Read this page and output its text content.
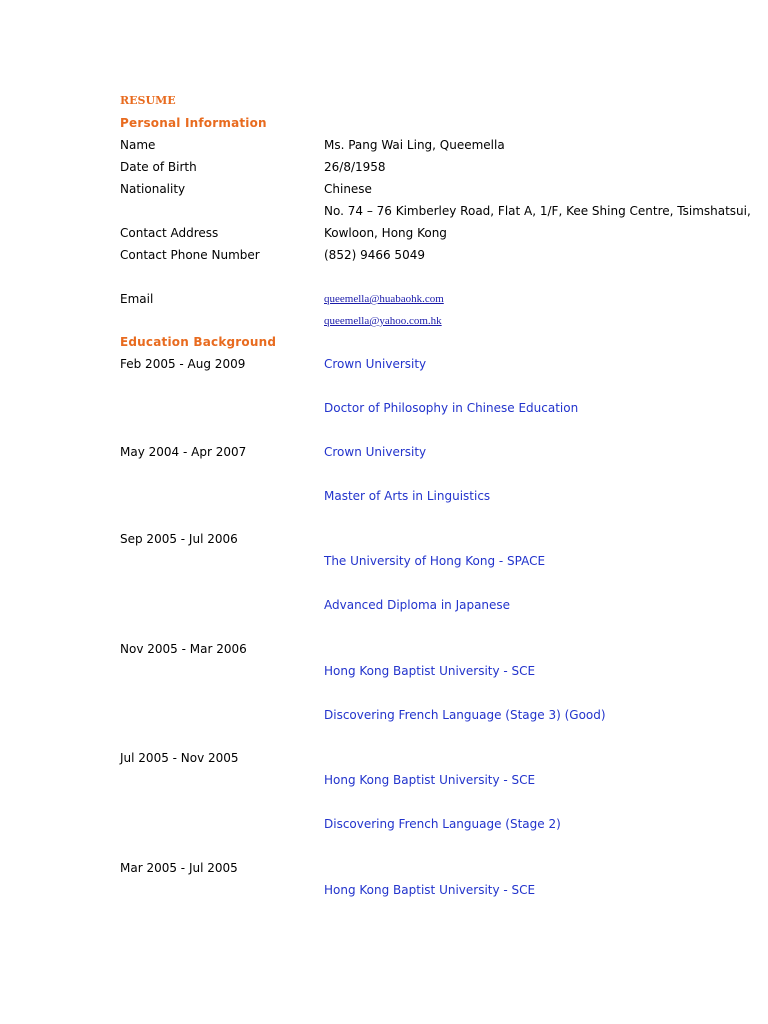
RESUME
Personal Information
Name	Ms. Pang Wai Ling, Queemella
Date of Birth	26/8/1958
Nationality	Chinese
No. 74 – 76 Kimberley Road, Flat A, 1/F, Kee Shing Centre, Tsimshatsui,
Contact Address	Kowloon, Hong Kong
Contact Phone Number	(852) 9466 5049
Email	queemella@huabaohk.com
queemella@yahoo.com.hk
Education Background
Feb 2005 - Aug 2009	Crown University
Doctor of Philosophy in Chinese Education
May 2004 - Apr 2007	Crown University
Master of Arts in Linguistics
Sep 2005 - Jul 2006
The University of Hong Kong - SPACE
Advanced Diploma in Japanese
Nov 2005 - Mar 2006
Hong Kong Baptist University - SCE
Discovering French Language (Stage 3) (Good)
Jul 2005 - Nov 2005
Hong Kong Baptist University - SCE
Discovering French Language (Stage 2)
Mar 2005 - Jul 2005
Hong Kong Baptist University - SCE
